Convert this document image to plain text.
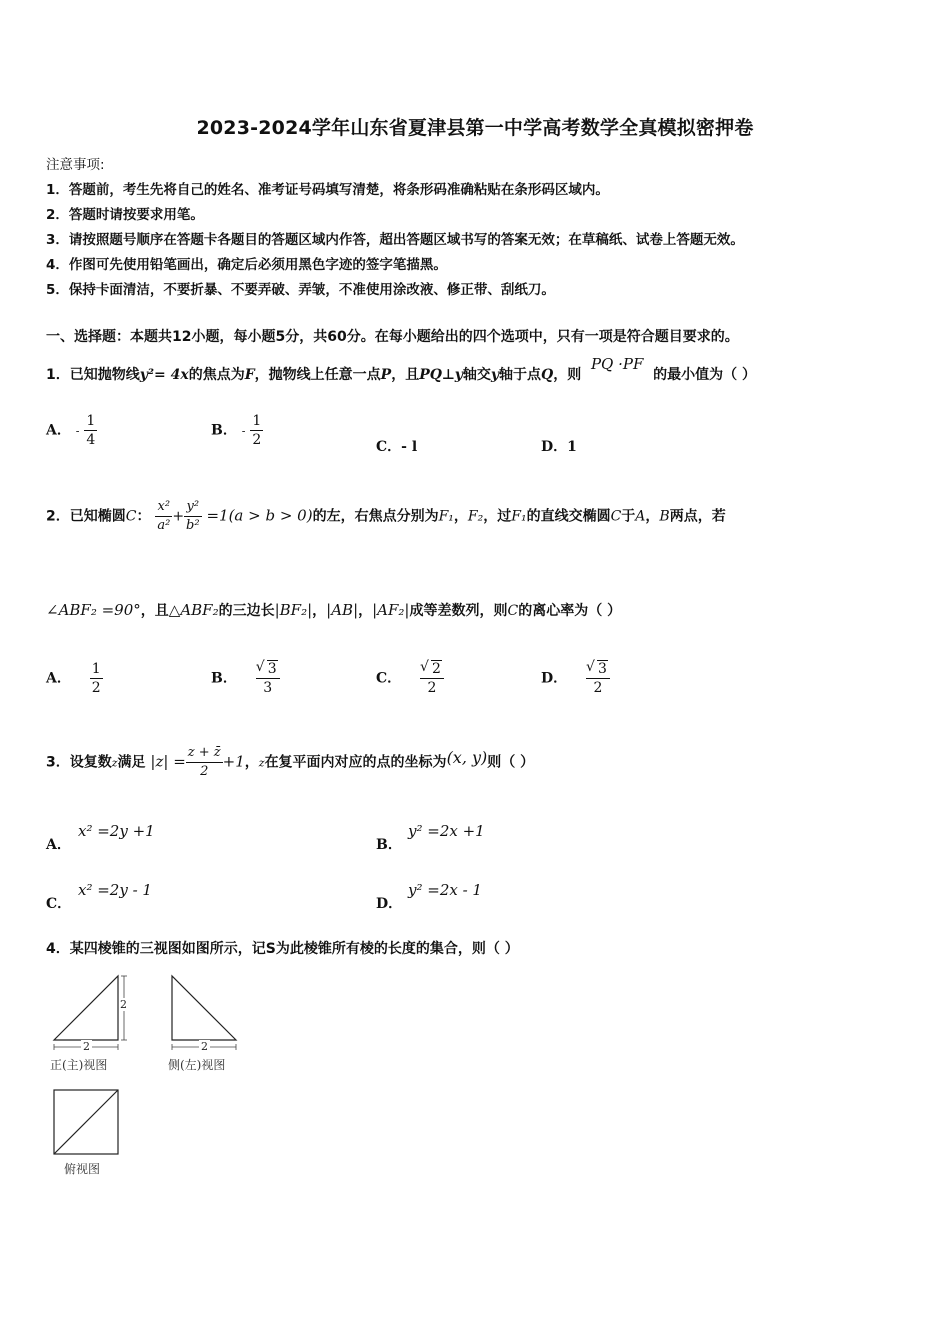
2023-2024学年山东省夏津县第一中学高考数学全真模拟密押卷
注意事项:
1．答题前，考生先将自己的姓名、准考证号码填写清楚，将条形码准确粘贴在条形码区域内。
2．答题时请按要求用笔。
3．请按照题号顺序在答题卡各题目的答题区域内作答，超出答题区域书写的答案无效；在草稿纸、试卷上答题无效。
4．作图可先使用铅笔画出，确定后必须用黑色字迹的签字笔描黑。
5．保持卡面清洁，不要折暴、不要弄破、弄皱，不准使用涂改液、修正带、刮纸刀。
一、选择题：本题共12小题，每小题5分，共60分。在每小题给出的四个选项中，只有一项是符合题目要求的。
1．已知抛物线y²= 4x的焦点为F，抛物线上任意一点P，且PQ⊥y轴交y轴于点Q，则  PQ ·PF  的最小值为（ ）
A． - $\frac{1}{4}$	B． - $\frac{1}{2}$	C．- l	D．1
2．已知椭圆C： $\frac{\text{x²}}{\text{a²}} + \frac{\text{y²}}{\text{b²}} =1(a > b > 0)$的左，右焦点分别为F₁，F₂，过F₁的直线交椭圆C于A，B两点，若
∠ABF₂ =90°，且△ABF₂的三边长|BF₂|，|AB|，|AF₂|成等差数列，则C的离心率为（ ）
A． $\frac{1}{2}$	B． √ $\frac{3}{3}$	C． √ $\frac{2}{2}$	D． √ $\frac{3}{2}$
3．设复数z满足 $|z| = \frac{z + z̄}{2} +1$，z在复平面内对应的点的坐标为(x, y)则（ ）
A．
x² =2y +1
B．
y² =2x +1
C．
x² =2y - 1
D．
y² =2x - 1
4．某四棱锥的三视图如图所示，记S为此棱锥所有棱的长度的集合，则（ ）
2
2	2
正(主)视图	侧(左)视图
俯视图
